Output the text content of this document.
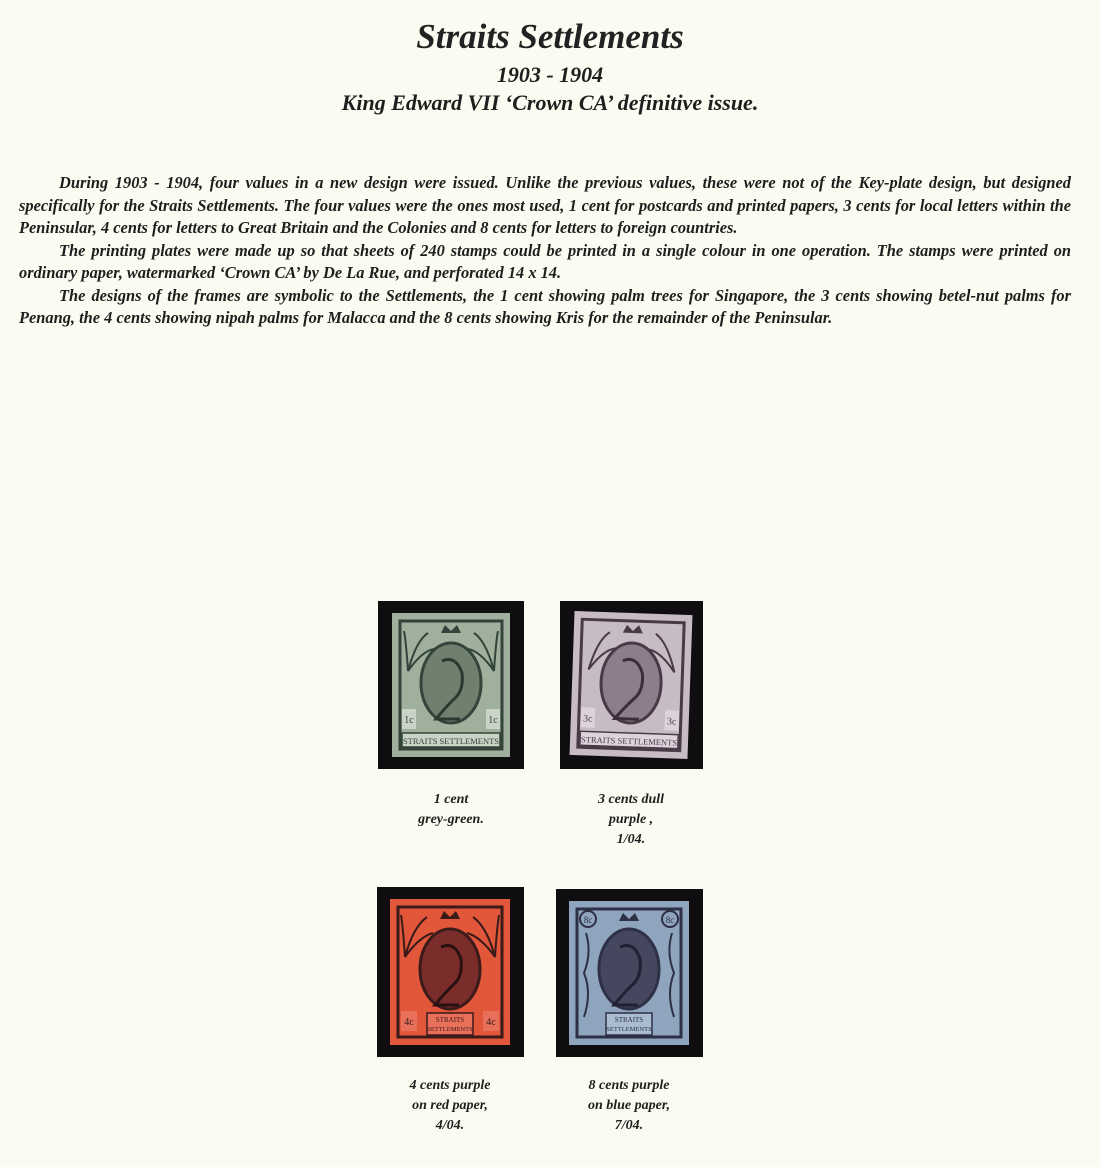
Straits Settlements
1903 - 1904
King Edward VII ‘Crown CA’ definitive issue.

During 1903 - 1904, four values in a new design were issued. Unlike the previous values, these were not of the Key-plate design, but designed specifically for the Straits Settlements. The four values were the ones most used, 1 cent for postcards and printed papers, 3 cents for local letters within the Peninsular, 4 cents for letters to Great Britain and the Colonies and 8 cents for letters to foreign countries.

The printing plates were made up so that sheets of 240 stamps could be printed in a single colour in one operation. The stamps were printed on ordinary paper, watermarked ‘Crown CA’ by De La Rue, and perforated 14 x 14.

The designs of the frames are symbolic to the Settlements, the 1 cent showing palm trees for Singapore, the 3 cents showing betel-nut palms for Penang, the 4 cents showing nipah palms for Malacca and the 8 cents showing Kris for the remainder of the Peninsular.

STRAITS SETTLEMENTS
1c	1c
1 cent
grey-green.
STRAITS SETTLEMENTS
3c	3c
3 cents dull
purple ,
1/04.
STRAITS
SETTLEMENTS
4c	4c
4 cents purple
on red paper,
4/04.
STRAITS
SETTLEMENTS
8c	8c
8 cents purple
on blue paper,
7/04.
